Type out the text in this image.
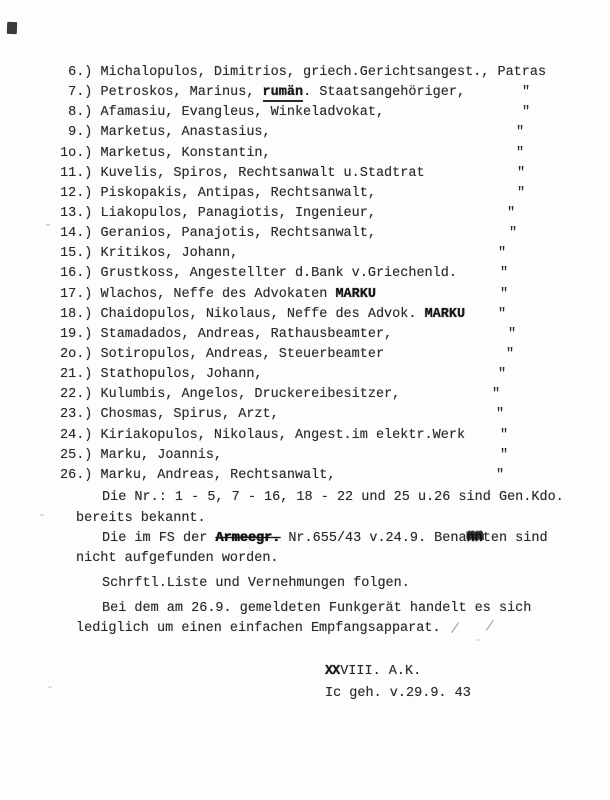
6.) Michalopulos, Dimitrios, griech.Gerichtsangest., Patras
7.) Petroskos, Marinus, rumän. Staatsangehöriger,	"
8.) Afamasiu, Evangleus, Winkeladvokat,	"
9.) Marketus, Anastasius,	"
1o.) Marketus, Konstantin,	"
11.) Kuvelis, Spiros, Rechtsanwalt u.Stadtrat	"
12.) Piskopakis, Antipas, Rechtsanwalt,	"
13.) Liakopulos, Panagiotis, Ingenieur,	"
14.) Geranios, Panajotis, Rechtsanwalt,	"
15.) Kritikos, Johann,	"
16.) Grustkoss, Angestellter d.Bank v.Griechenld.	"
17.) Wlachos, Neffe des Advokaten MARKU	"
18.) Chaidopulos, Nikolaus, Neffe des Advok. MARKU "
19.) Stamadados, Andreas, Rathausbeamter,	"
2o.) Sotiropulos, Andreas, Steuerbeamter	"
21.) Stathopulos, Johann,	"
22.) Kulumbis, Angelos, Druckereibesitzer,	"
23.) Chosmas, Spirus, Arzt,	"
24.) Kiriakopulos, Nikolaus, Angest.im elektr.Werk	"
25.) Marku, Joannis,	"
26.) Marku, Andreas, Rechtsanwalt,	"
Die Nr.: 1 - 5, 7 - 16, 18 - 22 und 25 u.26 sind Gen.Kdo.
bereits bekannt.
Die im FS der Armeegr. Nr.655/43 v.24.9. Benannten sind
nicht aufgefunden worden.
Schrftl.Liste und Vernehmungen folgen.
Bei dem am 26.9. gemeldeten Funkgerät handelt es sich
lediglich um einen einfachen Empfangsapparat. / /
XXVIII. A.K.
Ic geh. v.29.9. 43
